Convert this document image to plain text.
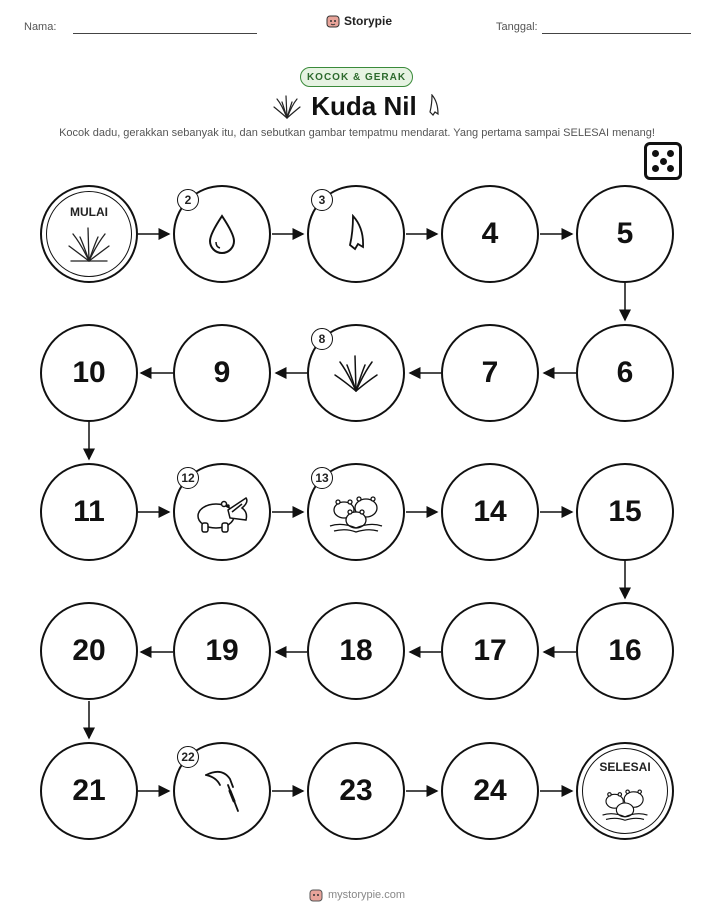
Nama:	Storypie	Tanggal:
KOCOK & GERAK
Kuda Nil
Kocok dadu, gerakkan sebanyak itu, dan sebutkan gambar tempatmu mendarat. Yang pertama sampai SELESAI menang!
MULAI
2	3
4	5
10	9
8
7	6
11
12	13
14	15
20	19	18	17	16
21
22
23	24
SELESAI
mystorypie.com
